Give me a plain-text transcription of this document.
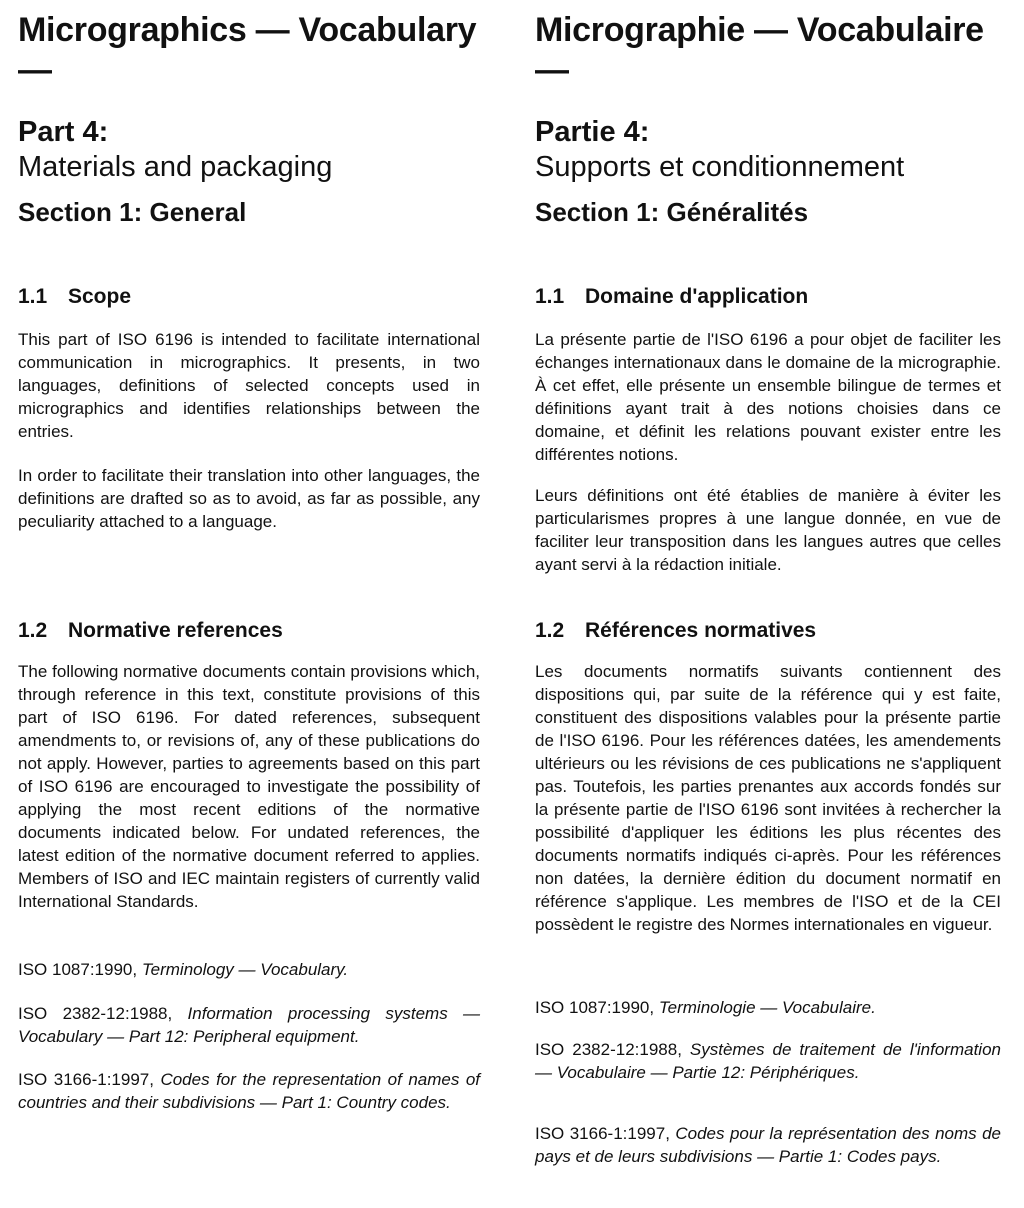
Micrographics — Vocabulary —
Part 4:
Materials and packaging
Section 1: General
1.1 Scope

This part of ISO 6196 is intended to facilitate international communication in micrographics. It presents, in two languages, definitions of selected concepts used in micrographics and identifies relationships between the entries.

In order to facilitate their translation into other languages, the definitions are drafted so as to avoid, as far as possible, any peculiarity attached to a language.

1.2 Normative references

The following normative documents contain provisions which, through reference in this text, constitute provisions of this part of ISO 6196. For dated references, subsequent amendments to, or revisions of, any of these publications do not apply. However, parties to agreements based on this part of ISO 6196 are encouraged to investigate the possibility of applying the most recent editions of the normative documents indicated below. For undated references, the latest edition of the normative document referred to applies. Members of ISO and IEC maintain registers of currently valid International Standards.

ISO 1087:1990, Terminology — Vocabulary.

ISO 2382-12:1988, Information processing systems — Vocabulary — Part 12: Peripheral equipment.

ISO 3166-1:1997, Codes for the representation of names of countries and their subdivisions — Part 1: Country codes.

Micrographie — Vocabulaire —
Partie 4:
Supports et conditionnement
Section 1: Généralités
1.1 Domaine d'application

La présente partie de l'ISO 6196 a pour objet de faciliter les échanges internationaux dans le domaine de la micrographie. À cet effet, elle présente un ensemble bilingue de termes et définitions ayant trait à des notions choisies dans ce domaine, et définit les relations pouvant exister entre les différentes notions.

Leurs définitions ont été établies de manière à éviter les particularismes propres à une langue donnée, en vue de faciliter leur transposition dans les langues autres que celles ayant servi à la rédaction initiale.

1.2 Références normatives

Les documents normatifs suivants contiennent des dispositions qui, par suite de la référence qui y est faite, constituent des dispositions valables pour la présente partie de l'ISO 6196. Pour les références datées, les amendements ultérieurs ou les révisions de ces publications ne s'appliquent pas. Toutefois, les parties prenantes aux accords fondés sur la présente partie de l'ISO 6196 sont invitées à rechercher la possibilité d'appliquer les éditions les plus récentes des documents normatifs indiqués ci-après. Pour les références non datées, la dernière édition du document normatif en référence s'applique. Les membres de l'ISO et de la CEI possèdent le registre des Normes internationales en vigueur.

ISO 1087:1990, Terminologie — Vocabulaire.

ISO 2382-12:1988, Systèmes de traitement de l'information — Vocabulaire — Partie 12: Périphériques.

ISO 3166-1:1997, Codes pour la représentation des noms de pays et de leurs subdivisions — Partie 1: Codes pays.
